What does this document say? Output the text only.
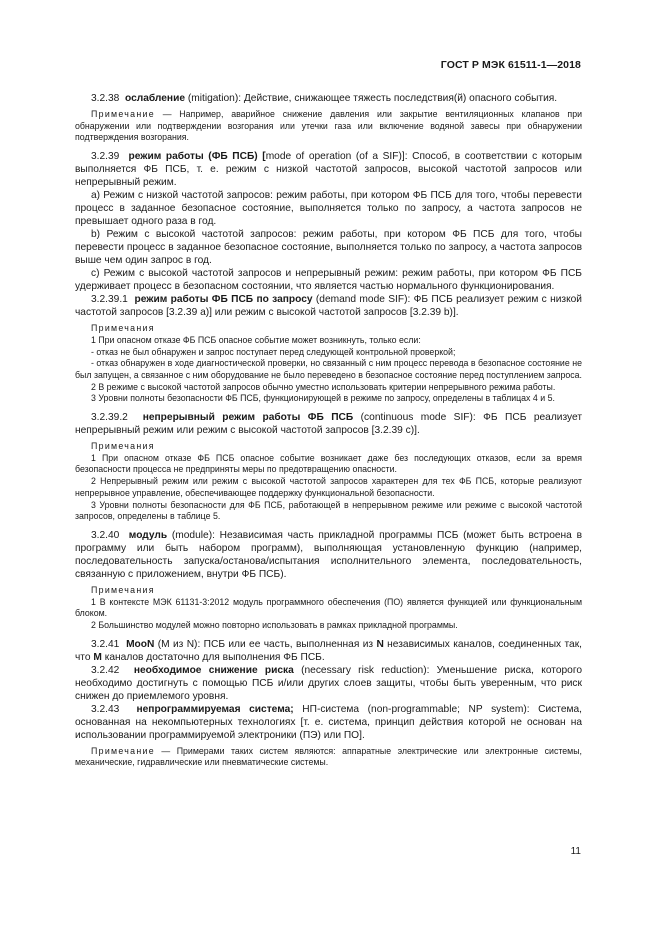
ГОСТ Р МЭК 61511-1—2018

3.2.38 ослабление (mitigation): Действие, снижающее тяжесть последствия(й) опасного события.

Примечание — Например, аварийное снижение давления или закрытие вентиляционных клапанов при обнаружении или подтверждении возгорания или утечки газа или включение водяной завесы при обнаружении подтверждения возгорания.

3.2.39 режим работы (ФБ ПСБ) [mode of operation (of a SIF)]: Способ, в соответствии с которым выполняется ФБ ПСБ, т. е. режим с низкой частотой запросов, высокой частотой запросов или непрерывный режим.

a) Режим с низкой частотой запросов: режим работы, при котором ФБ ПСБ для того, чтобы перевести процесс в заданное безопасное состояние, выполняется только по запросу, а частота запросов не превышает одного раза в год.

b) Режим с высокой частотой запросов: режим работы, при котором ФБ ПСБ для того, чтобы перевести процесс в заданное безопасное состояние, выполняется только по запросу, а частота запросов выше чем один запрос в год.

c) Режим с высокой частотой запросов и непрерывный режим: режим работы, при котором ФБ ПСБ удерживает процесс в безопасном состоянии, что является частью нормального функционирования.

3.2.39.1 режим работы ФБ ПСБ по запросу (demand mode SIF): ФБ ПСБ реализует режим с низкой частотой запросов [3.2.39 a)] или режим с высокой частотой запросов [3.2.39 b)].

Примечания

1 При опасном отказе ФБ ПСБ опасное событие может возникнуть, только если:

- отказ не был обнаружен и запрос поступает перед следующей контрольной проверкой;

- отказ обнаружен в ходе диагностической проверки, но связанный с ним процесс перевода в безопасное состояние не был запущен, а связанное с ним оборудование не было переведено в безопасное состояние перед поступлением запроса.

2 В режиме с высокой частотой запросов обычно уместно использовать критерии непрерывного режима работы.

3 Уровни полноты безопасности ФБ ПСБ, функционирующей в режиме по запросу, определены в таблицах 4 и 5.

3.2.39.2 непрерывный режим работы ФБ ПСБ (continuous mode SIF): ФБ ПСБ реализует непрерывный режим или режим с высокой частотой запросов [3.2.39 c)].

Примечания

1 При опасном отказе ФБ ПСБ опасное событие возникает даже без последующих отказов, если за время безопасности процесса не предприняты меры по предотвращению опасности.

2 Непрерывный режим или режим с высокой частотой запросов характерен для тех ФБ ПСБ, которые реализуют непрерывное управление, обеспечивающее поддержку функциональной безопасности.

3 Уровни полноты безопасности для ФБ ПСБ, работающей в непрерывном режиме или режиме с высокой частотой запросов, определены в таблице 5.

3.2.40 модуль (module): Независимая часть прикладной программы ПСБ (может быть встроена в программу или быть набором программ), выполняющая установленную функцию (например, последовательность запуска/останова/испытания исполнительного элемента, последовательность, связанную с приложением, внутри ФБ ПСБ).

Примечания

1 В контексте МЭК 61131-3:2012 модуль программного обеспечения (ПО) является функцией или функциональным блоком.

2 Большинство модулей можно повторно использовать в рамках прикладной программы.

3.2.41 MooN (M из N): ПСБ или ее часть, выполненная из N независимых каналов, соединенных так, что M каналов достаточно для выполнения ФБ ПСБ.

3.2.42 необходимое снижение риска (necessary risk reduction): Уменьшение риска, которого необходимо достигнуть с помощью ПСБ и/или других слоев защиты, чтобы быть уверенным, что риск снижен до приемлемого уровня.

3.2.43 непрограммируемая система; НП-система (non-programmable; NP system): Система, основанная на некомпьютерных технологиях [т. е. система, принцип действия которой не основан на использовании программируемой электроники (ПЭ) или ПО].

Примечание — Примерами таких систем являются: аппаратные электрические или электронные системы, механические, гидравлические или пневматические системы.

11
